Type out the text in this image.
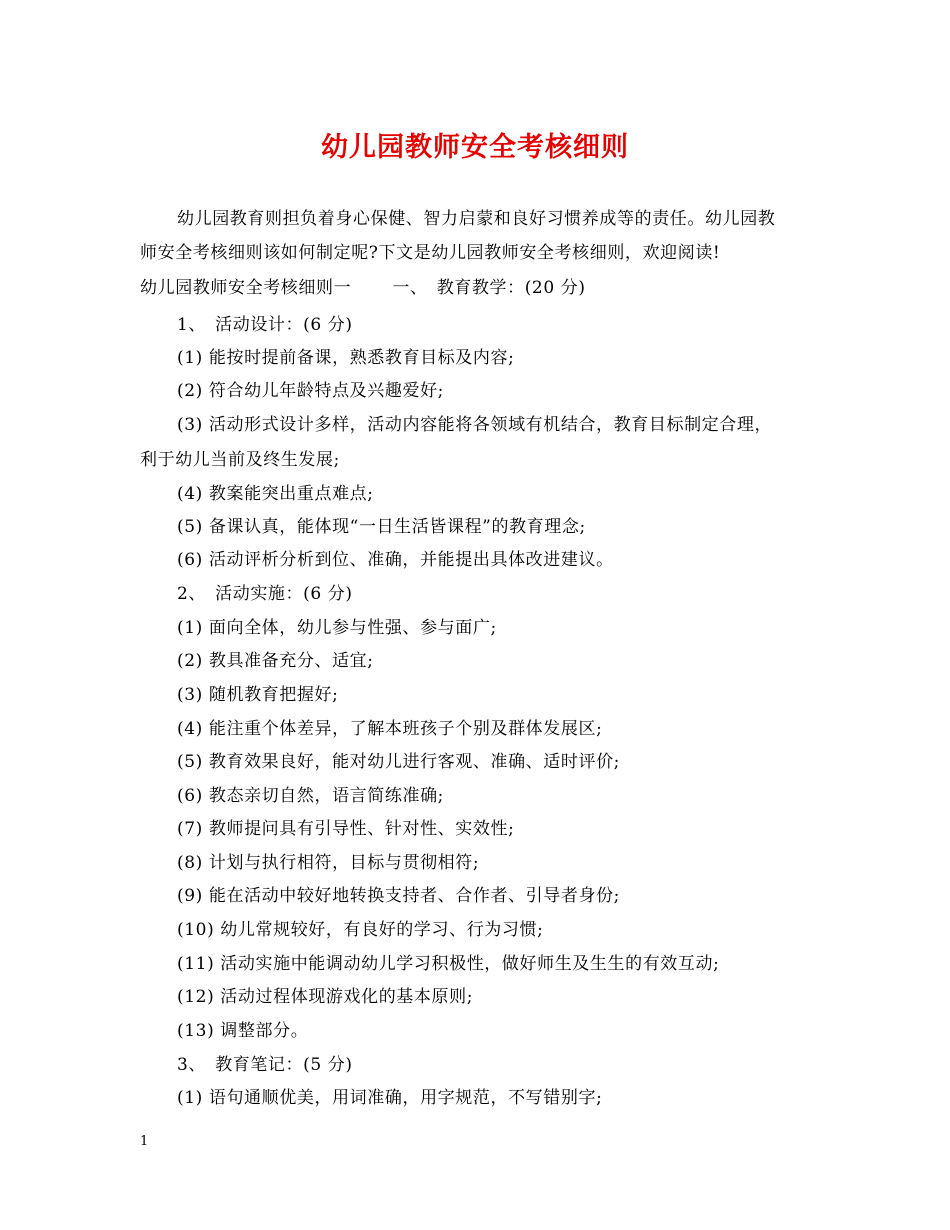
幼儿园教师安全考核细则
幼儿园教育则担负着身心保健、智力启蒙和良好习惯养成等的责任。幼儿园教
师安全考核细则该如何制定呢?下文是幼儿园教师安全考核细则，欢迎阅读!
幼儿园教师安全考核细则一　　 一、　教育教学：(20 分)
1、　活动设计：(6 分)
(1) 能按时提前备课，熟悉教育目标及内容;
(2) 符合幼儿年龄特点及兴趣爱好;
(3) 活动形式设计多样，活动内容能将各领域有机结合，教育目标制定合理，
利于幼儿当前及终生发展;
(4) 教案能突出重点难点;
(5) 备课认真，能体现“一日生活皆课程”的教育理念;
(6) 活动评析分析到位、准确，并能提出具体改进建议。
2、　活动实施：(6 分)
(1) 面向全体，幼儿参与性强、参与面广;
(2) 教具准备充分、适宜;
(3) 随机教育把握好;
(4) 能注重个体差异，了解本班孩子个别及群体发展区;
(5) 教育效果良好，能对幼儿进行客观、准确、适时评价;
(6) 教态亲切自然，语言简练准确;
(7) 教师提问具有引导性、针对性、实效性;
(8) 计划与执行相符，目标与贯彻相符;
(9) 能在活动中较好地转换支持者、合作者、引导者身份;
(10) 幼儿常规较好，有良好的学习、行为习惯;
(11) 活动实施中能调动幼儿学习积极性，做好师生及生生的有效互动;
(12) 活动过程体现游戏化的基本原则;
(13) 调整部分。
3、　教育笔记：(5 分)
(1) 语句通顺优美，用词准确，用字规范，不写错别字;
1
